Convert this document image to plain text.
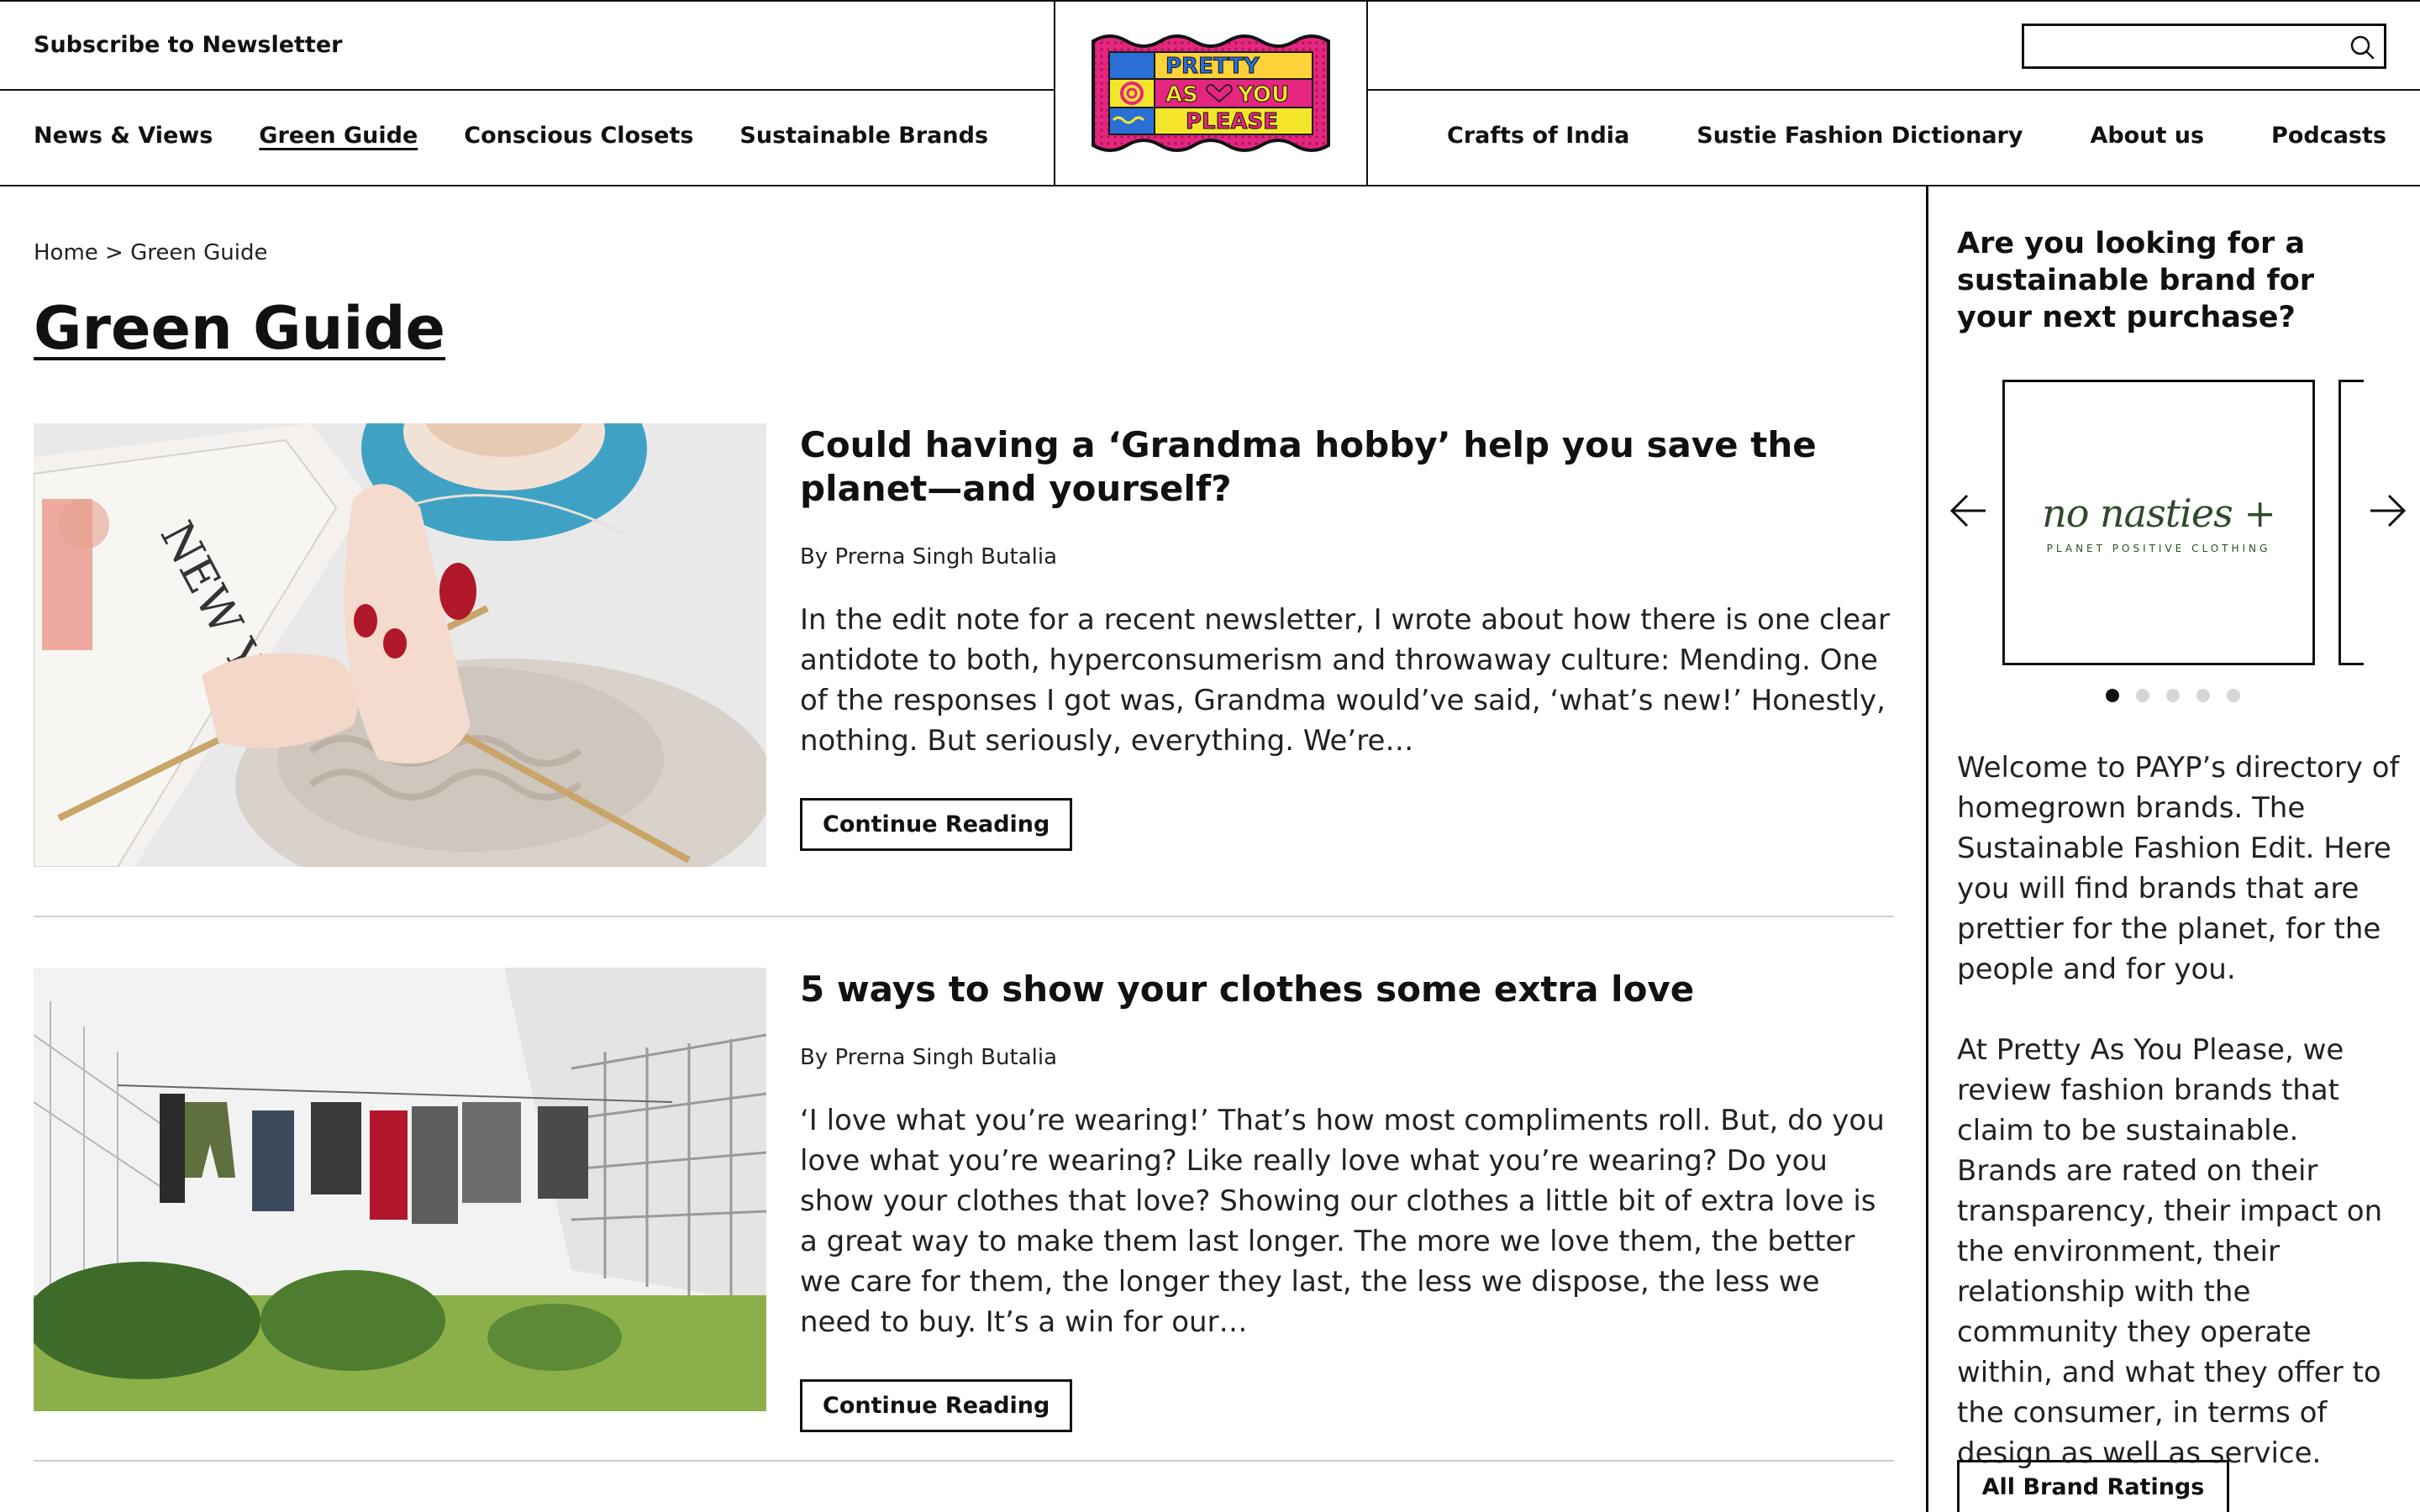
Subscribe to Newsletter
News & Views Green Guide Conscious Closets Sustainable Brands
PRETTY
AS YOU
PLEASE
Crafts of India	Sustie Fashion Dictionary	About us	Podcasts
Home > Green Guide
Green Guide
NEW
Could having a ‘Grandma hobby’ help you save the planet—and yourself?
By Prerna Singh Butalia

In the edit note for a recent newsletter, I wrote about how there is one clear antidote to both, hyperconsumerism and throwaway culture: Mending. One of the responses I got was, Grandma would’ve said, ‘what’s new!’ Honestly, nothing. But seriously, everything. We’re…

Continue Reading
5 ways to show your clothes some extra love
By Prerna Singh Butalia

‘I love what you’re wearing!’ That’s how most compliments roll. But, do you love what you’re wearing? Like really love what you’re wearing? Do you show your clothes that love? Showing our clothes a little bit of extra love is a great way to make them last longer. The more we love them, the better we care for them, the longer they last, the less we dispose, the less we need to buy. It’s a win for our…

Continue Reading
Are you looking for a sustainable brand for your next purchase?
no nasties +
PLANET POSITIVE CLOTHING

Welcome to PAYP’s directory of homegrown brands. The Sustainable Fashion Edit. Here you will find brands that are prettier for the planet, for the people and for you.

At Pretty As You Please, we review fashion brands that claim to be sustainable. Brands are rated on their transparency, their impact on the environment, their relationship with the community they operate within, and what they offer to the consumer, in terms of design as well as service.

All Brand Ratings
